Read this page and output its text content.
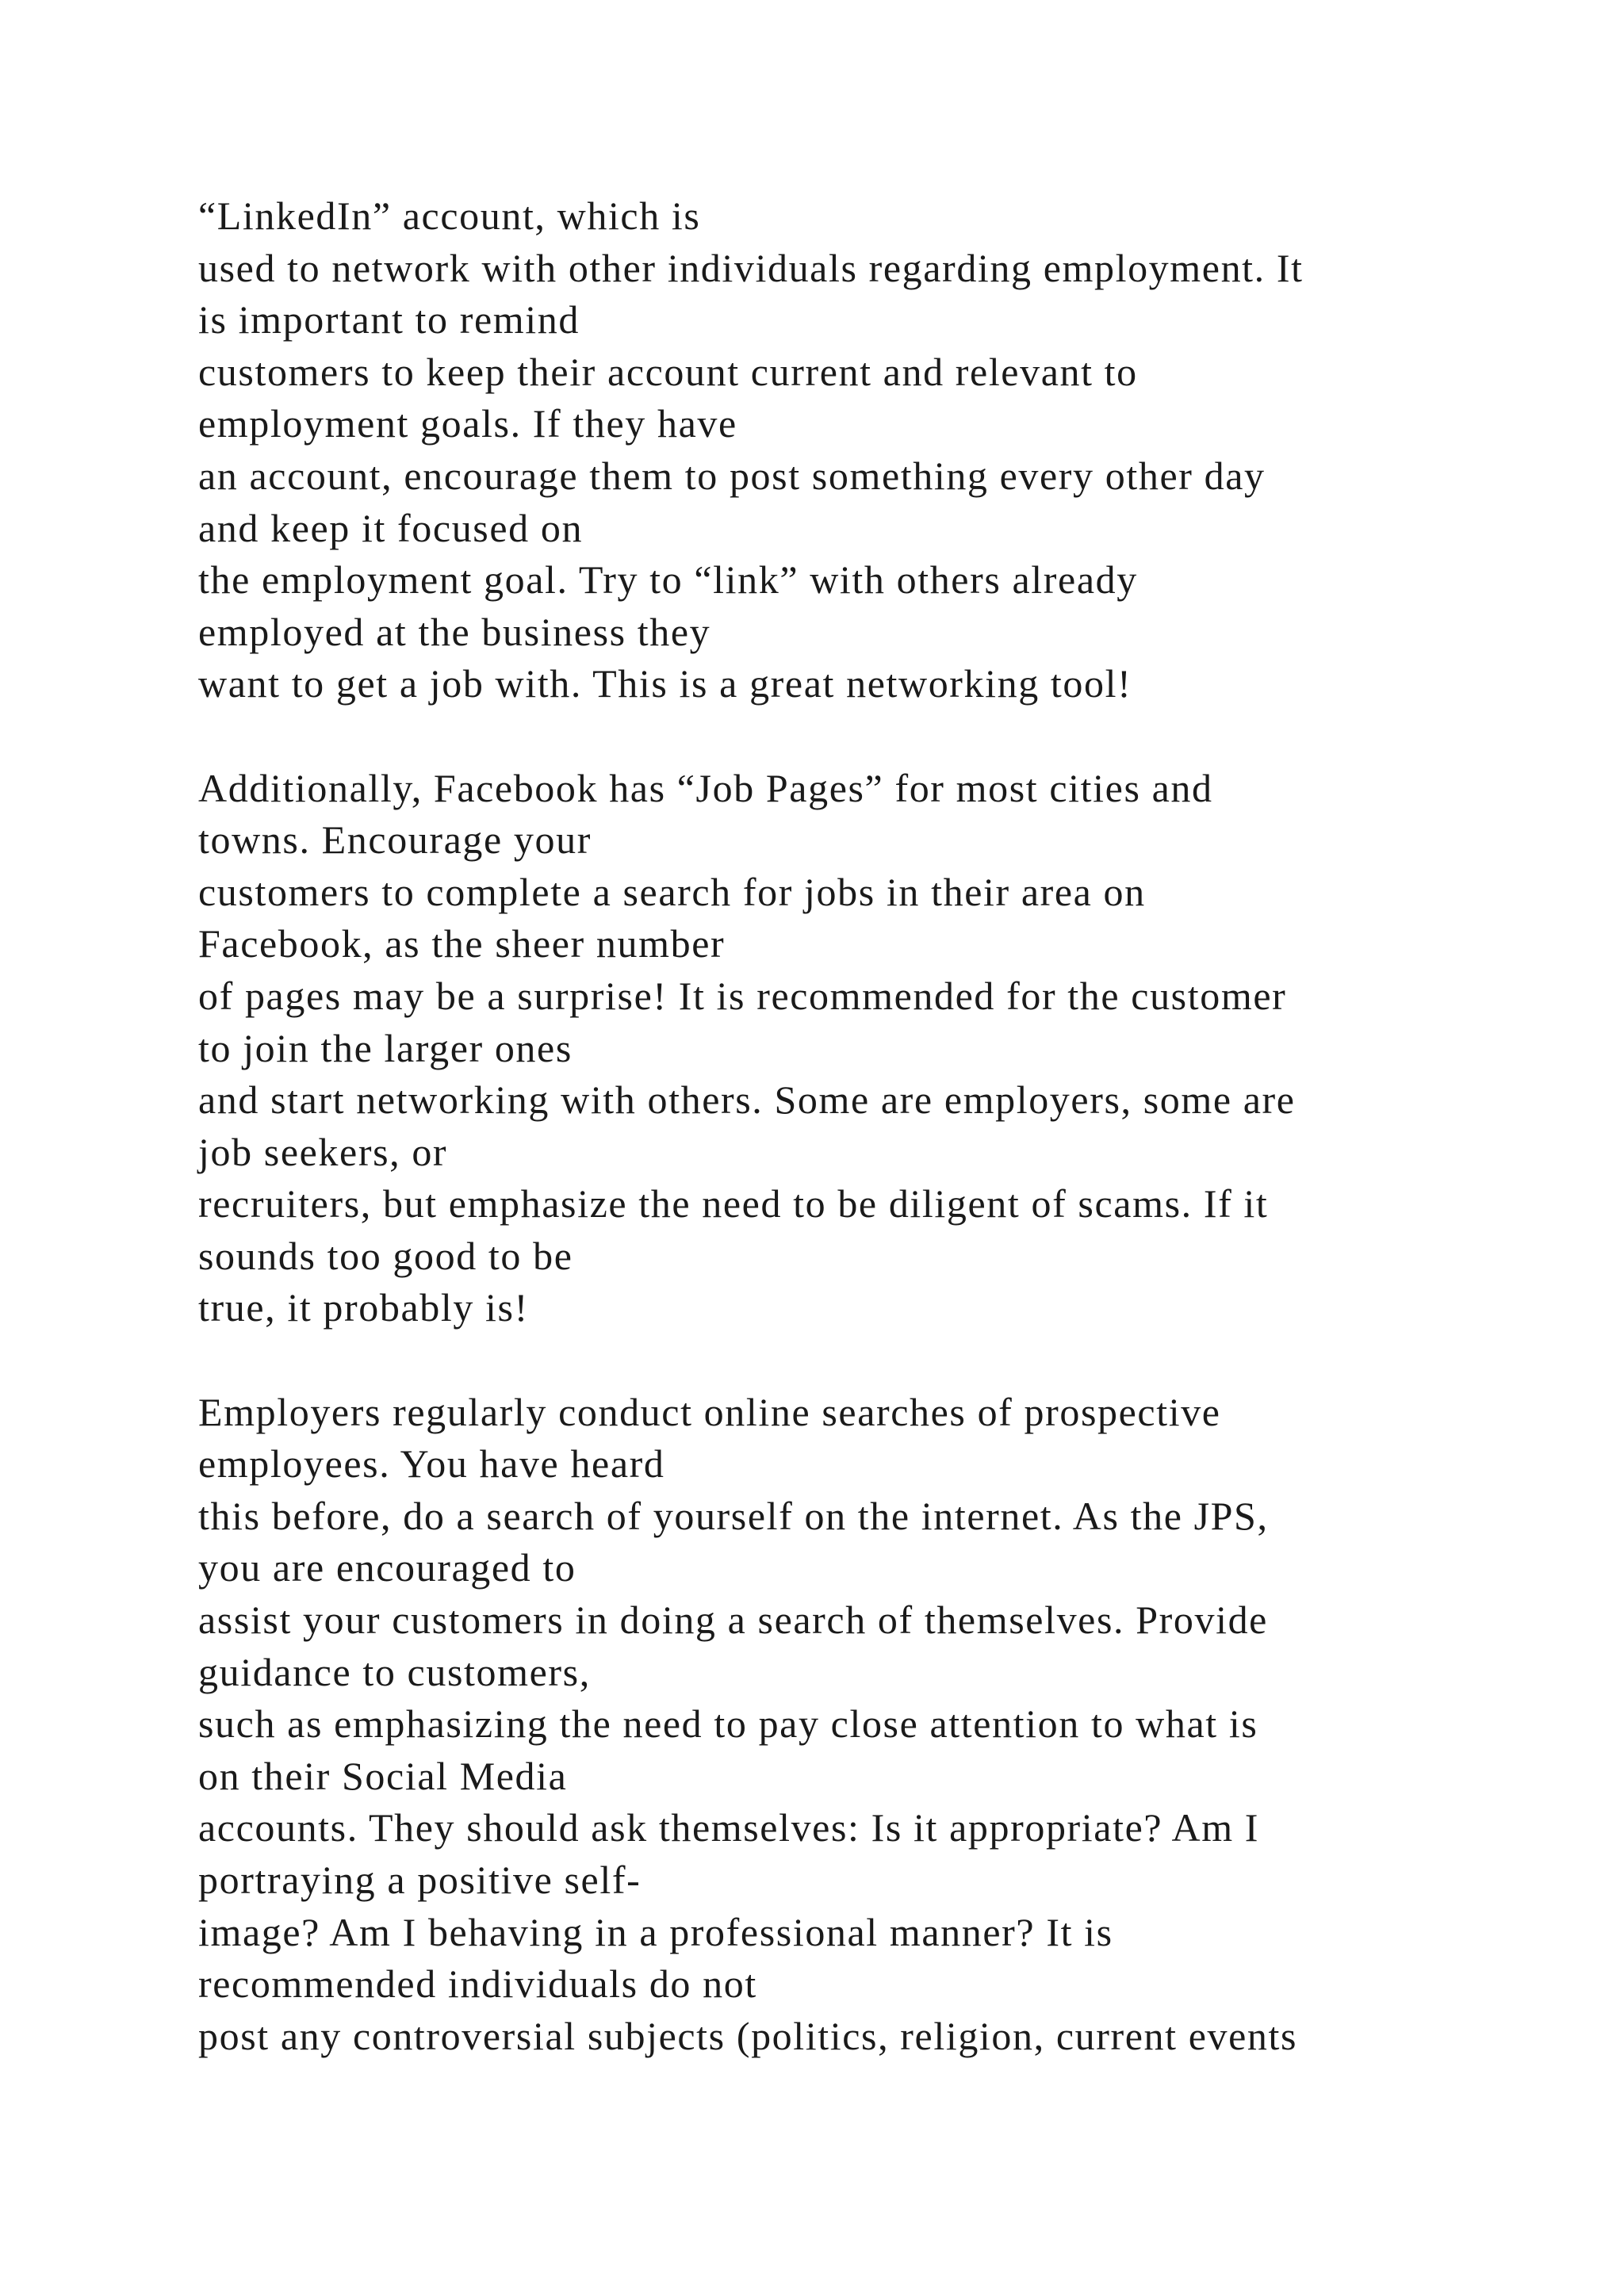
“LinkedIn” account, which is
used to network with other individuals regarding employment. It
is important to remind
customers to keep their account current and relevant to
employment goals. If they have
an account, encourage them to post something every other day
and keep it focused on
the employment goal. Try to “link” with others already
employed at the business they
want to get a job with. This is a great networking tool!
Additionally, Facebook has “Job Pages” for most cities and
towns. Encourage your
customers to complete a search for jobs in their area on
Facebook, as the sheer number
of pages may be a surprise! It is recommended for the customer
to join the larger ones
and start networking with others. Some are employers, some are
job seekers, or
recruiters, but emphasize the need to be diligent of scams. If it
sounds too good to be
true, it probably is!
Employers regularly conduct online searches of prospective
employees. You have heard
this before, do a search of yourself on the internet. As the JPS,
you are encouraged to
assist your customers in doing a search of themselves. Provide
guidance to customers,
such as emphasizing the need to pay close attention to what is
on their Social Media
accounts. They should ask themselves: Is it appropriate? Am I
portraying a positive self-
image? Am I behaving in a professional manner? It is
recommended individuals do not
post any controversial subjects (politics, religion, current events
